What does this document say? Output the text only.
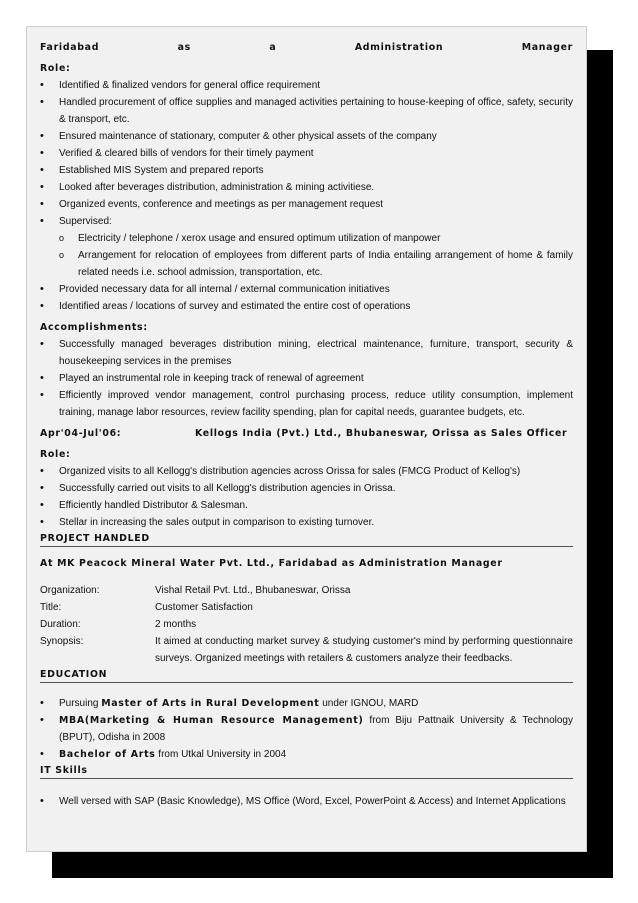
Faridabad	as	a	Administration	Manager
Role:
• Identified & finalized vendors for general office requirement
• Handled procurement of office supplies and managed activities pertaining to house-keeping of office, safety, security & transport, etc.
• Ensured maintenance of stationary, computer & other physical assets of the company
• Verified & cleared bills of vendors for their timely payment
• Established MIS System and prepared reports
• Looked after beverages distribution, administration & mining activitiese.
• Organized events, conference and meetings as per management request
• Supervised:
o Electricity / telephone / xerox usage and ensured optimum utilization of manpower
o Arrangement for relocation of employees from different parts of India entailing arrangement of home & family related needs i.e. school admission, transportation, etc.
• Provided necessary data for all internal / external communication initiatives
• Identified areas / locations of survey and estimated the entire cost of operations
Accomplishments:
• Successfully managed beverages distribution mining, electrical maintenance, furniture, transport, security & housekeeping services in the premises
• Played an instrumental role in keeping track of renewal of agreement
• Efficiently improved vendor management, control purchasing process, reduce utility consumption, implement training, manage labor resources, review facility spending, plan for capital needs, guarantee budgets, etc.
Apr'04-Jul'06:	Kellogs India (Pvt.) Ltd., Bhubaneswar, Orissa as Sales Officer
Role:
• Organized visits to all Kellogg's distribution agencies across Orissa for sales (FMCG Product of Kellog's)
• Successfully carried out visits to all Kellogg's distribution agencies in Orissa.
• Efficiently handled Distributor & Salesman.
• Stellar in increasing the sales output in comparison to existing turnover.
PROJECT HANDLED
At MK Peacock Mineral Water Pvt. Ltd., Faridabad as Administration Manager
Organization:	Vishal Retail Pvt. Ltd., Bhubaneswar, Orissa
Title:	Customer Satisfaction
Duration:	2 months
Synopsis:	It aimed at conducting market survey & studying customer's mind by performing questionnaire surveys. Organized meetings with retailers & customers analyze their feedbacks.
EDUCATION
• Pursuing Master of Arts in Rural Development under IGNOU, MARD
• MBA(Marketing & Human Resource Management) from Biju Pattnaik University & Technology (BPUT), Odisha in 2008
• Bachelor of Arts from Utkal University in 2004
IT Skills
• Well versed with SAP (Basic Knowledge), MS Office (Word, Excel, PowerPoint & Access) and Internet Applications
